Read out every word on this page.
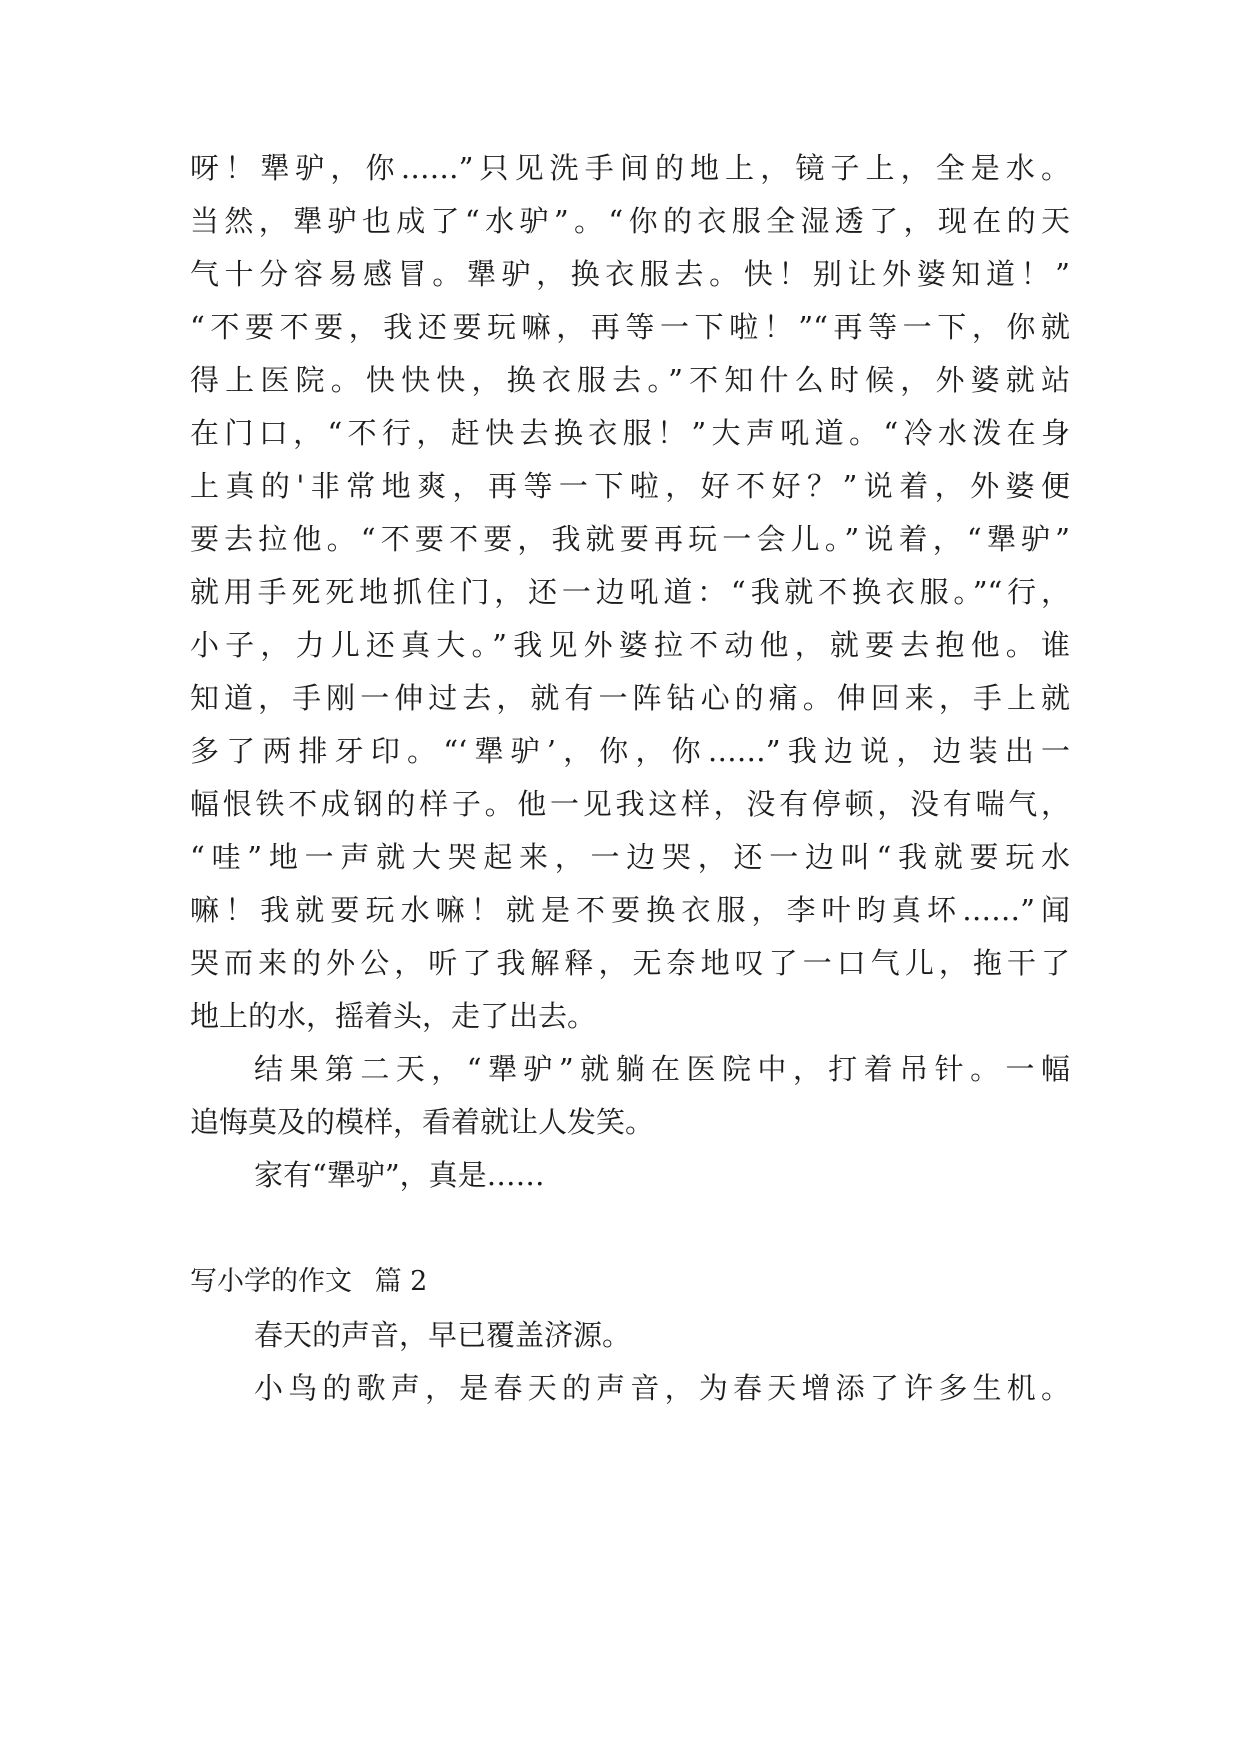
呀！犟驴，你……”只见洗手间的地上，镜子上，全是水。
当然，犟驴也成了“水驴”。“你的衣服全湿透了，现在的天
气十分容易感冒。犟驴，换衣服去。快！别让外婆知道！”
“不要不要，我还要玩嘛，再等一下啦！”“再等一下，你就
得上医院。快快快，换衣服去。”不知什么时候，外婆就站
在门口，“不行，赶快去换衣服！”大声吼道。“冷水泼在身
上真的'非常地爽，再等一下啦，好不好？”说着，外婆便
要去拉他。“不要不要，我就要再玩一会儿。”说着，“犟驴”
就用手死死地抓住门，还一边吼道：“我就不换衣服。”“行，
小子，力儿还真大。”我见外婆拉不动他，就要去抱他。谁
知道，手刚一伸过去，就有一阵钻心的痛。伸回来，手上就
多了两排牙印。“‘犟驴’，你，你……”我边说，边装出一
幅恨铁不成钢的样子。他一见我这样，没有停顿，没有喘气，
“哇”地一声就大哭起来，一边哭，还一边叫“我就要玩水
嘛！我就要玩水嘛！就是不要换衣服，李叶昀真坏……”闻
哭而来的外公，听了我解释，无奈地叹了一口气儿，拖干了
地上的水，摇着头，走了出去。
结果第二天，“犟驴”就躺在医院中，打着吊针。一幅
追悔莫及的模样，看着就让人发笑。
家有“犟驴”，真是……
写小学的作文 篇 2
春天的声音，早已覆盖济源。
小鸟的歌声，是春天的声音，为春天增添了许多生机。
